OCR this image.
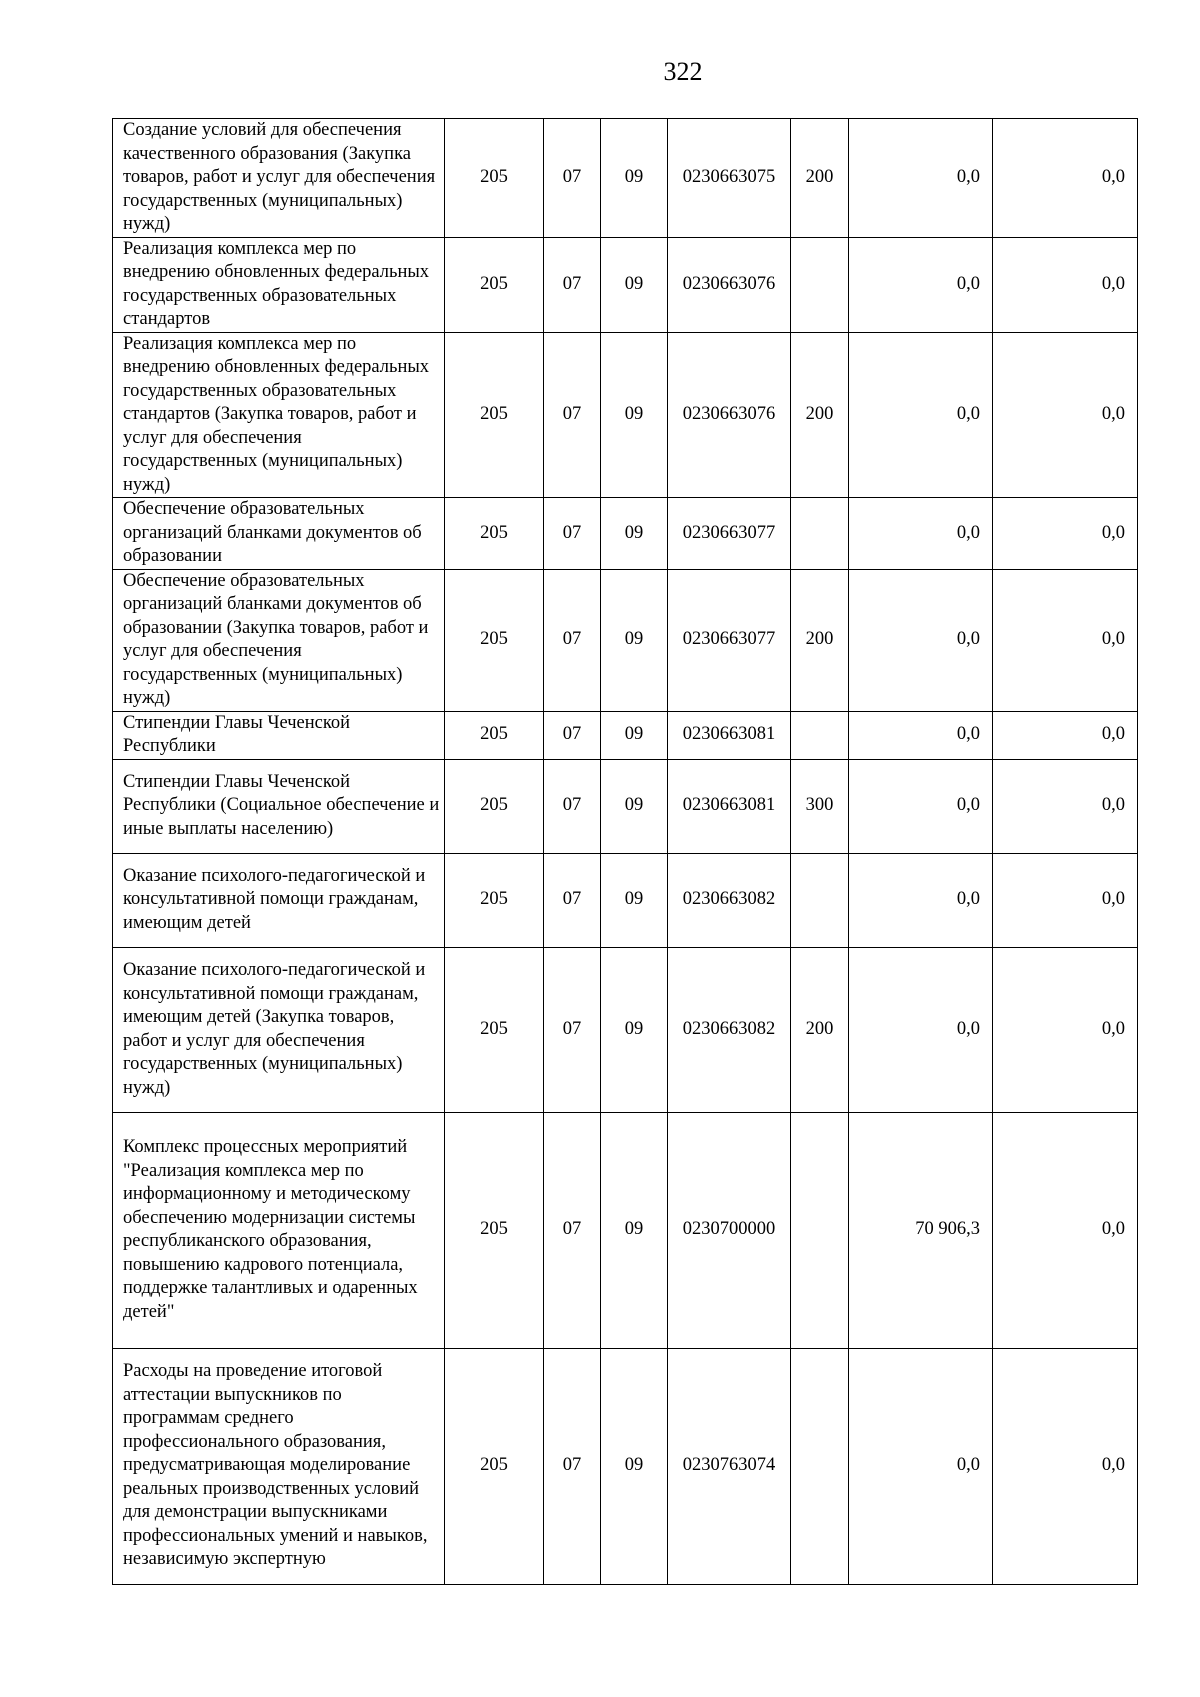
322
Создание условий для обеспечения качественного образования (Закупка товаров, работ и услуг для обеспечения государственных (муниципальных) нужд)	205	07	09	0230663075	200	0,0	0,0
Реализация комплекса мер по внедрению обновленных федеральных государственных образовательных стандартов	205	07	09	0230663076		0,0	0,0
Реализация комплекса мер по внедрению обновленных федеральных государственных образовательных стандартов (Закупка товаров, работ и услуг для обеспечения государственных (муниципальных) нужд)	205	07	09	0230663076	200	0,0	0,0
Обеспечение образовательных организаций бланками документов об образовании	205	07	09	0230663077		0,0	0,0
Обеспечение образовательных организаций бланками документов об образовании (Закупка товаров, работ и услуг для обеспечения государственных (муниципальных) нужд)	205	07	09	0230663077	200	0,0	0,0
Стипендии Главы Чеченской Республики	205	07	09	0230663081		0,0	0,0
Стипендии Главы Чеченской Республики (Социальное обеспечение и иные выплаты населению)	205	07	09	0230663081	300	0,0	0,0
Оказание психолого-педагогической и консультативной помощи гражданам, имеющим детей	205	07	09	0230663082		0,0	0,0
Оказание психолого-педагогической и консультативной помощи гражданам, имеющим детей (Закупка товаров, работ и услуг для обеспечения государственных (муниципальных) нужд)	205	07	09	0230663082	200	0,0	0,0
Комплекс процессных мероприятий "Реализация комплекса мер по информационному и методическому обеспечению модернизации системы республиканского образования, повышению кадрового потенциала, поддержке талантливых и одаренных детей"	205	07	09	0230700000		70 906,3	0,0
Расходы на проведение итоговой аттестации выпускников по программам среднего профессионального образования, предусматривающая моделирование реальных производственных условий для демонстрации выпускниками профессиональных умений и навыков, независимую экспертную	205	07	09	0230763074		0,0	0,0
